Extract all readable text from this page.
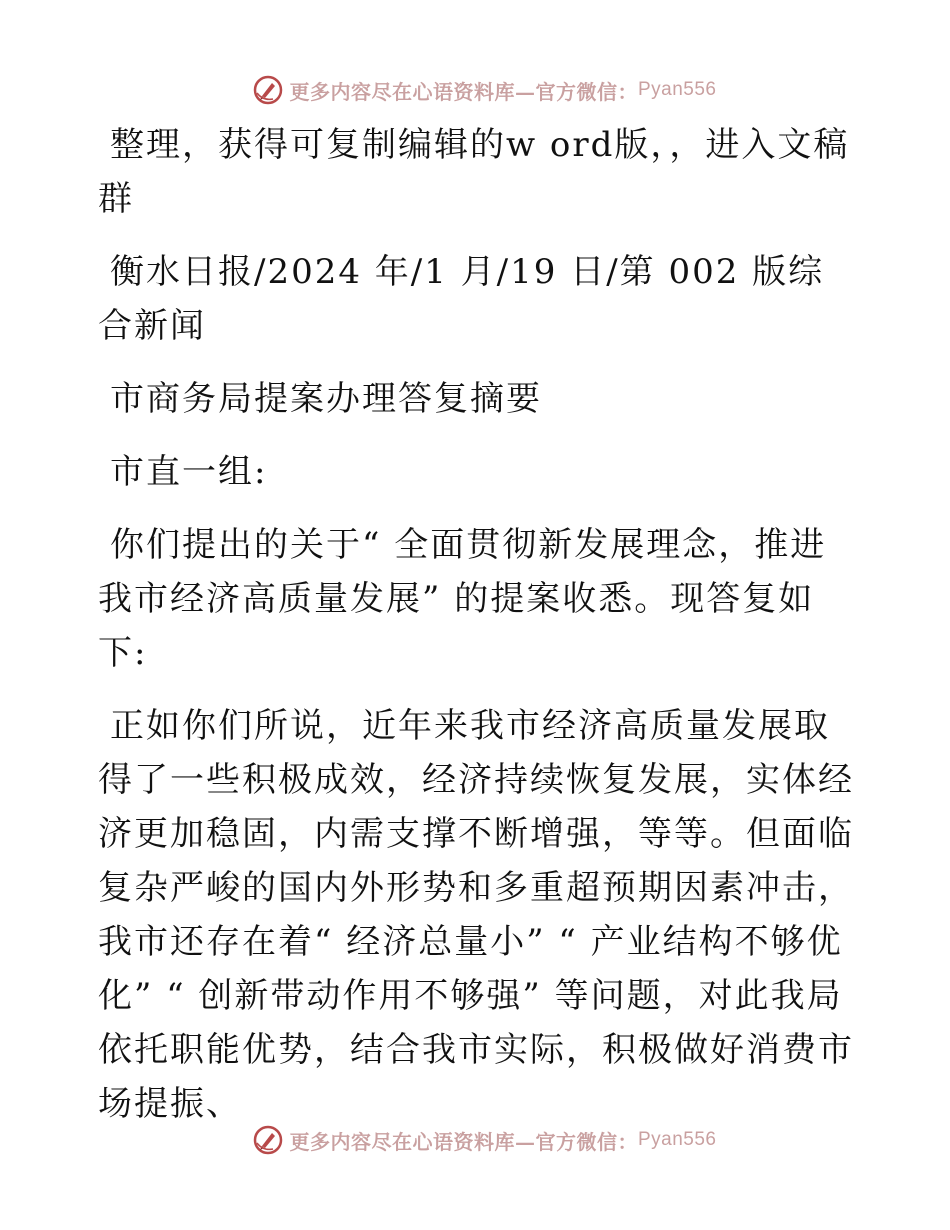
更多内容尽在心语资料库—官方微信： Pyan556

整理，获得可复制编辑的w ord版，，进入文稿群

衡水日报/2024 年/1 月/19 日/第 002 版综合新闻

市商务局提案办理答复摘要

市直一组:

你们提出的关于“ 全面贯彻新发展理念，推进我市经济高质量发展” 的提案收悉。现答复如下:

正如你们所说，近年来我市经济高质量发展取得了一些积极成效，经济持续恢复发展，实体经济更加稳固，内需支撑不断增强，等等。但面临复杂严峻的国内外形势和多重超预期因素冲击，我市还存在着“ 经济总量小” “ 产业结构不够优化” “ 创新带动作用不够强” 等问题，对此我局依托职能优势，结合我市实际，积极做好消费市场提振、

更多内容尽在心语资料库—官方微信： Pyan556
